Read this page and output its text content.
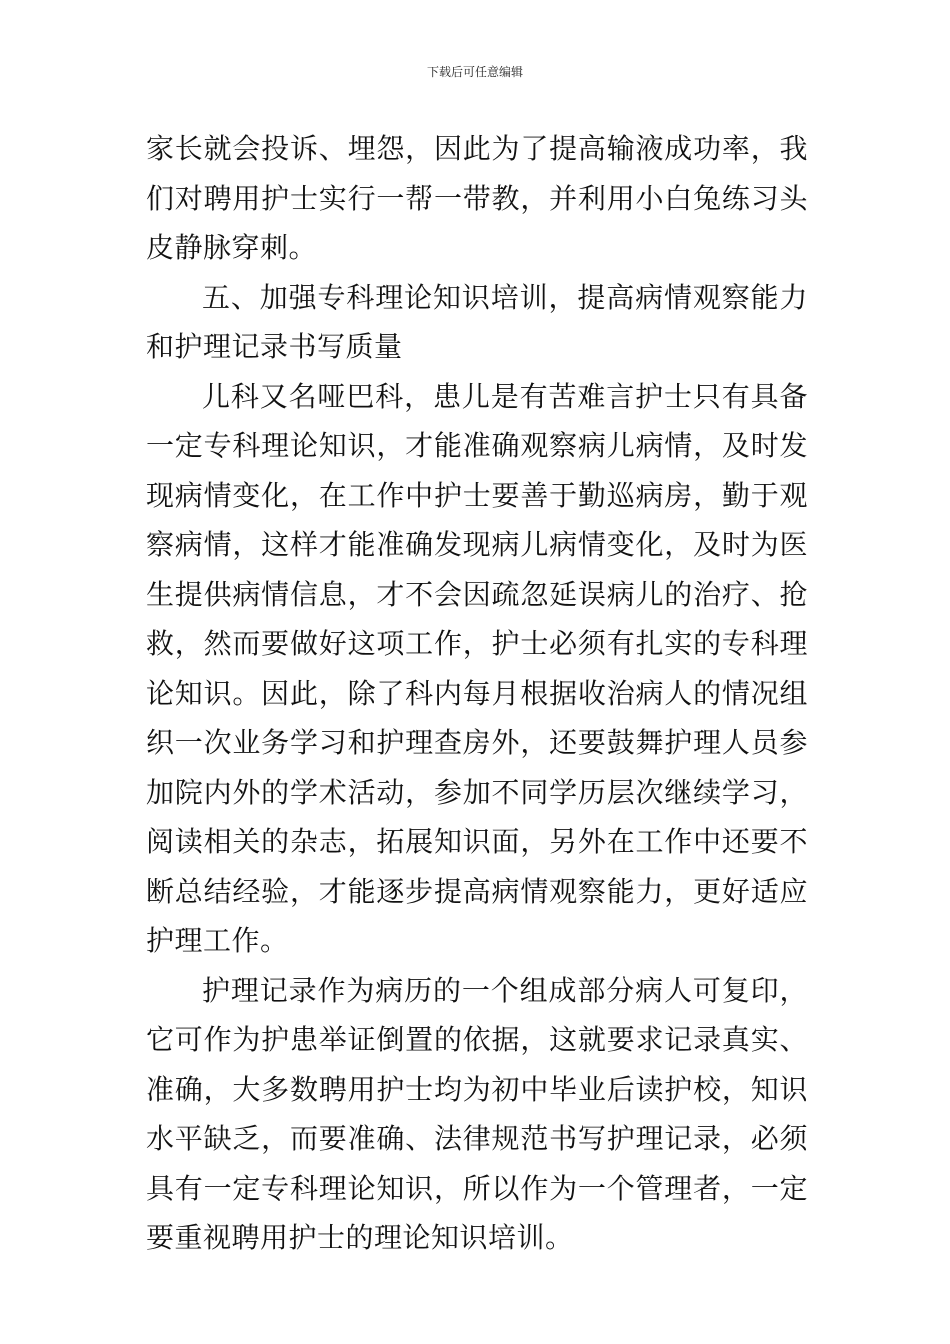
下载后可任意编辑

家长就会投诉、埋怨，因此为了提高输液成功率，我们对聘用护士实行一帮一带教，并利用小白兔练习头皮静脉穿刺。

五、加强专科理论知识培训，提高病情观察能力和护理记录书写质量

儿科又名哑巴科，患儿是有苦难言护士只有具备一定专科理论知识，才能准确观察病儿病情，及时发现病情变化，在工作中护士要善于勤巡病房，勤于观察病情，这样才能准确发现病儿病情变化，及时为医生提供病情信息，才不会因疏忽延误病儿的治疗、抢救，然而要做好这项工作，护士必须有扎实的专科理论知识。因此，除了科内每月根据收治病人的情况组织一次业务学习和护理查房外，还要鼓舞护理人员参加院内外的学术活动，参加不同学历层次继续学习，阅读相关的杂志，拓展知识面，另外在工作中还要不断总结经验，才能逐步提高病情观察能力，更好适应护理工作。

护理记录作为病历的一个组成部分病人可复印，它可作为护患举证倒置的依据，这就要求记录真实、准确，大多数聘用护士均为初中毕业后读护校，知识水平缺乏，而要准确、法律规范书写护理记录，必须具有一定专科理论知识，所以作为一个管理者，一定要重视聘用护士的理论知识培训。
